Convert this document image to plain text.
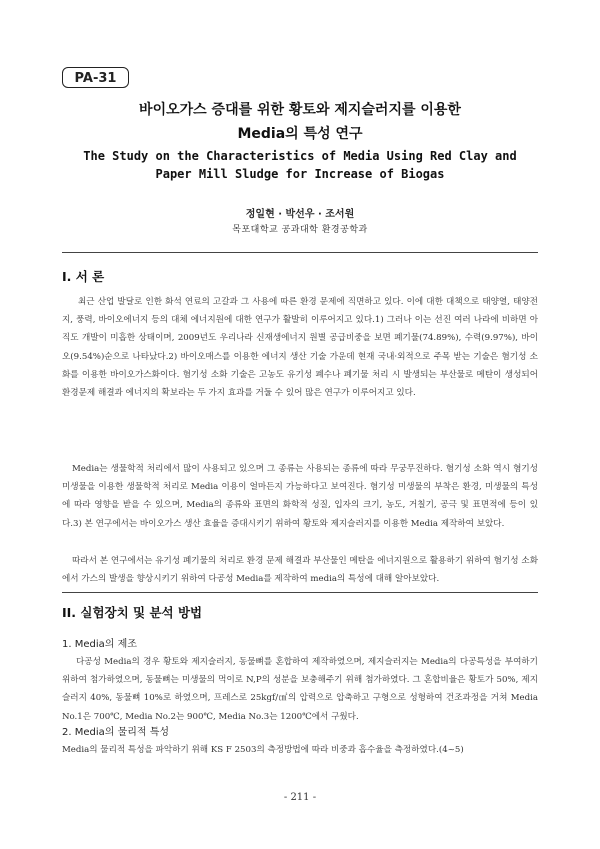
PA-31
바이오가스 증대를 위한 황토와 제지슬러지를 이용한
Media의 특성 연구
The Study on the Characteristics of Media Using Red Clay and
Paper Mill Sludge for Increase of Biogas
정일현 · 박선우 · 조서원
목포대학교 공과대학 환경공학과
I. 서 론
최근 산업 발달로 인한 화석 연료의 고갈과 그 사용에 따른 환경 문제에 직면하고 있다. 이에 대한 대책으로 태양열, 태양전지, 풍력, 바이오에너지 등의 대체 에너지원에 대한 연구가 활발히 이루어지고 있다.1) 그러나 이는 선진 여러 나라에 비하면 아직도 개발이 미흡한 상태이며, 2009년도 우리나라 신재생에너지 원별 공급비중을 보면 폐기물(74.89%), 수력(9.97%), 바이오(9.54%)순으로 나타났다.2) 바이오매스를 이용한 에너지 생산 기술 가운데 현재 국내·외적으로 주목 받는 기술은 혐기성 소화를 이용한 바이오가스화이다. 혐기성 소화 기술은 고농도 유기성 폐수나 폐기물 처리 시 발생되는 부산물로 메탄이 생성되어 환경문제 해결과 에너지의 확보라는 두 가지 효과를 거둘 수 있어 많은 연구가 이루어지고 있다.
Media는 생물학적 처리에서 많이 사용되고 있으며 그 종류는 사용되는 종류에 따라 무궁무진하다. 혐기성 소화 역시 혐기성 미생물을 이용한 생물학적 처리로 Media 이용이 얼마든지 가능하다고 보여진다. 혐기성 미생물의 부착은 환경, 미생물의 특성에 따라 영향을 받을 수 있으며, Media의 종류와 표면의 화학적 성질, 입자의 크기, 농도, 거칠기, 공극 및 표면적에 등이 있다.3) 본 연구에서는 바이오가스 생산 효율을 증대시키기 위하여 황토와 제지슬러지를 이용한 Media 제작하여 보았다.
따라서 본 연구에서는 유기성 폐기물의 처리로 환경 문제 해결과 부산물인 메탄을 에너지원으로 활용하기 위하여 혐기성 소화에서 가스의 발생을 향상시키기 위하여 다공성 Media를 제작하여 media의 특성에 대해 알아보았다.
II. 실험장치 및 분석 방법
1. Media의 제조
다공성 Media의 경우 황토와 제지슬러지, 동물뼈를 혼합하여 제작하였으며, 제지슬러지는 Media의 다공특성을 부여하기 위하여 첨가하였으며, 동물뼈는 미생물의 먹이로 N,P의 성분을 보충해주기 위해 첨가하였다. 그 혼합비율은 황토가 50%, 제지슬러지 40%, 동물뼈 10%로 하였으며, 프레스로 25kgf/㎠의 압력으로 압축하고 구형으로 성형하여 건조과정을 거쳐 Media No.1은 700℃, Media No.2는 900℃, Media No.3는 1200℃에서 구웠다.
2. Media의 물리적 특성
Media의 물리적 특성을 파악하기 위해 KS F 2503의 측정방법에 따라 비중과 흡수율을 측정하였다.(4~5)
- 211 -
